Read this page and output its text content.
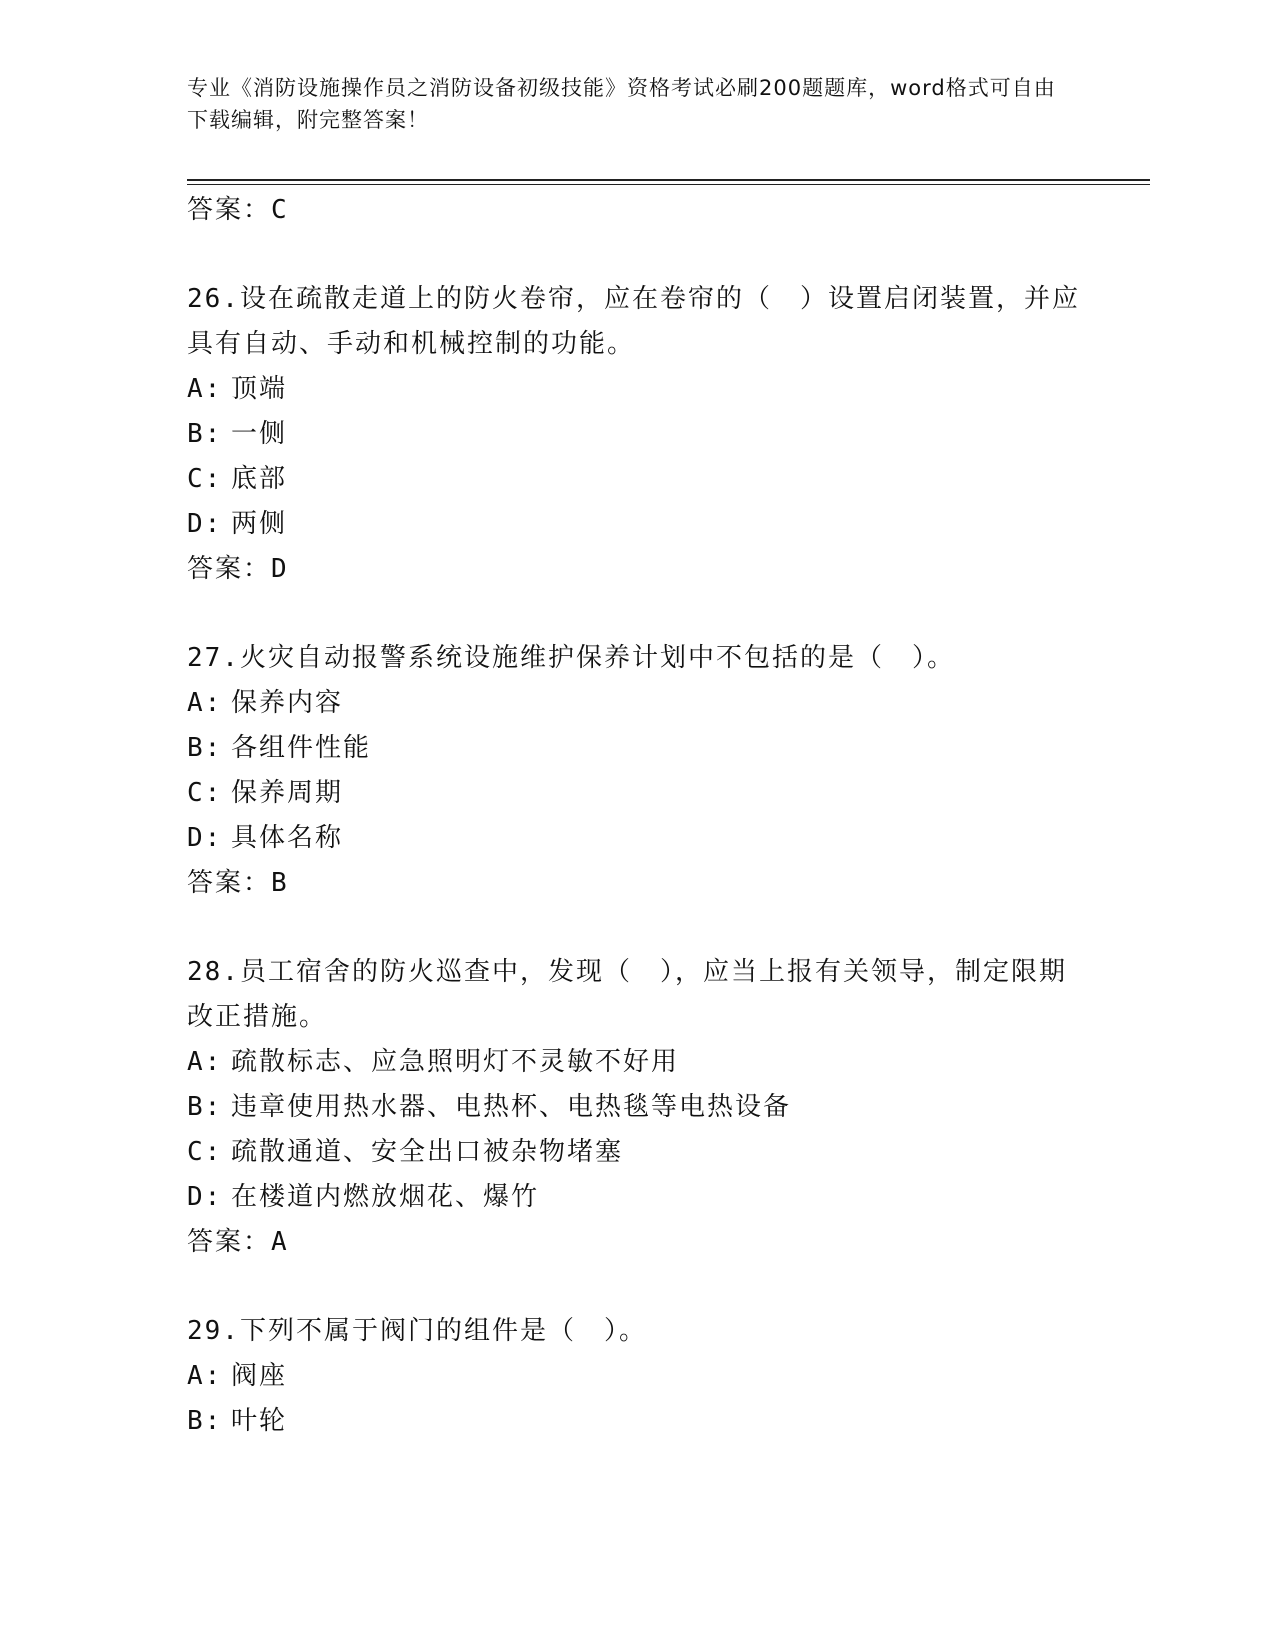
专业《消防设施操作员之消防设备初级技能》资格考试必刷200题题库，word格式可自由下载编辑，附完整答案！
答案：C
26.设在疏散走道上的防火卷帘，应在卷帘的（　）设置启闭装置，并应具有自动、手动和机械控制的功能。
A: 顶端
B: 一侧
C: 底部
D: 两侧
答案：D
27.火灾自动报警系统设施维护保养计划中不包括的是（　）。
A: 保养内容
B: 各组件性能
C: 保养周期
D: 具体名称
答案：B
28.员工宿舍的防火巡查中，发现（　），应当上报有关领导，制定限期改正措施。
A: 疏散标志、应急照明灯不灵敏不好用
B: 违章使用热水器、电热杯、电热毯等电热设备
C: 疏散通道、安全出口被杂物堵塞
D: 在楼道内燃放烟花、爆竹
答案：A
29.下列不属于阀门的组件是（　）。
A: 阀座
B: 叶轮
